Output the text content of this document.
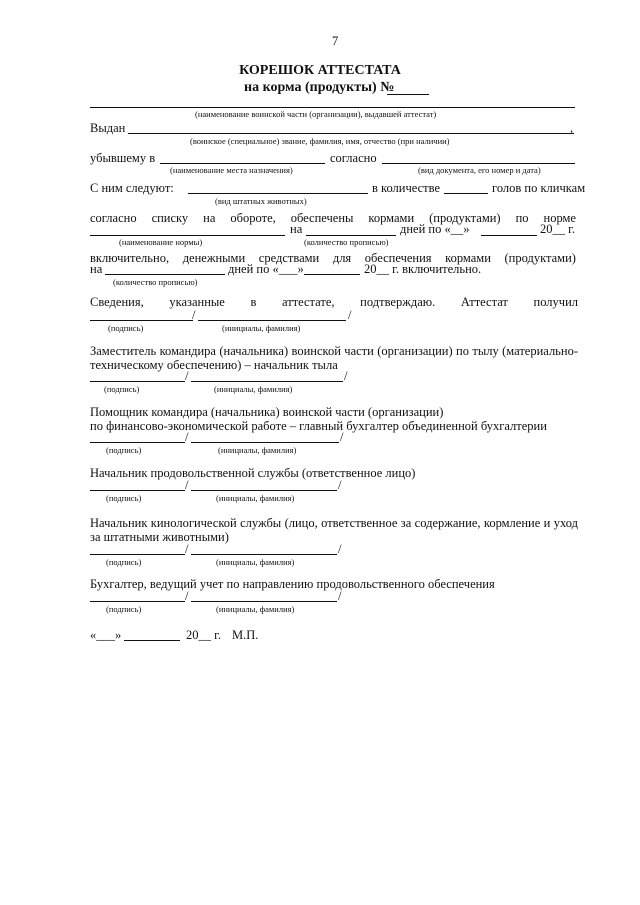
7
КОРЕШОК АТТЕСТАТА
на корма (продукты) №
(наименование воинской части (организации), выдавшей аттестат)
Выдан	,
(воинское (специальное) звание, фамилия, имя, отчество (при наличии)
убывшему в	согласно
(наименование места назначения)	(вид документа, его номер и дата)
С ним следуют:	в количестве	голов по кличкам
(вид штатных животных)
согласно списку на обороте, обеспечены кормами (продуктами) по норме
на	дней по «__»	20__ г.
(наименование нормы)	(количество прописью)
включительно, денежными средствами для обеспечения кормами (продуктами)
на	дней по «___»	20__ г. включительно.
(количество прописью)
Сведения, указанные в аттестате, подтверждаю. Аттестат получил
/	/
(подпись)	(инициалы, фамилия)
Заместитель командира (начальника) воинской части (организации) по тылу (материально-
техническому обеспечению) – начальник тыла
/	/
(подпись)	(инициалы, фамилия)
Помощник командира (начальника) воинской части (организации)
по финансово-экономической работе – главный бухгалтер объединенной бухгалтерии
/	/
(подпись)	(инициалы, фамилия)
Начальник продовольственной службы (ответственное лицо)
/	/
(подпись)	(инициалы, фамилия)
Начальник кинологической службы (лицо, ответственное за содержание, кормление и уход
за штатными животными)
/	/
(подпись)	(инициалы, фамилия)
Бухгалтер, ведущий учет по направлению продовольственного обеспечения
/	/
(подпись)	(инициалы, фамилия)
«___»	20__ г. М.П.
